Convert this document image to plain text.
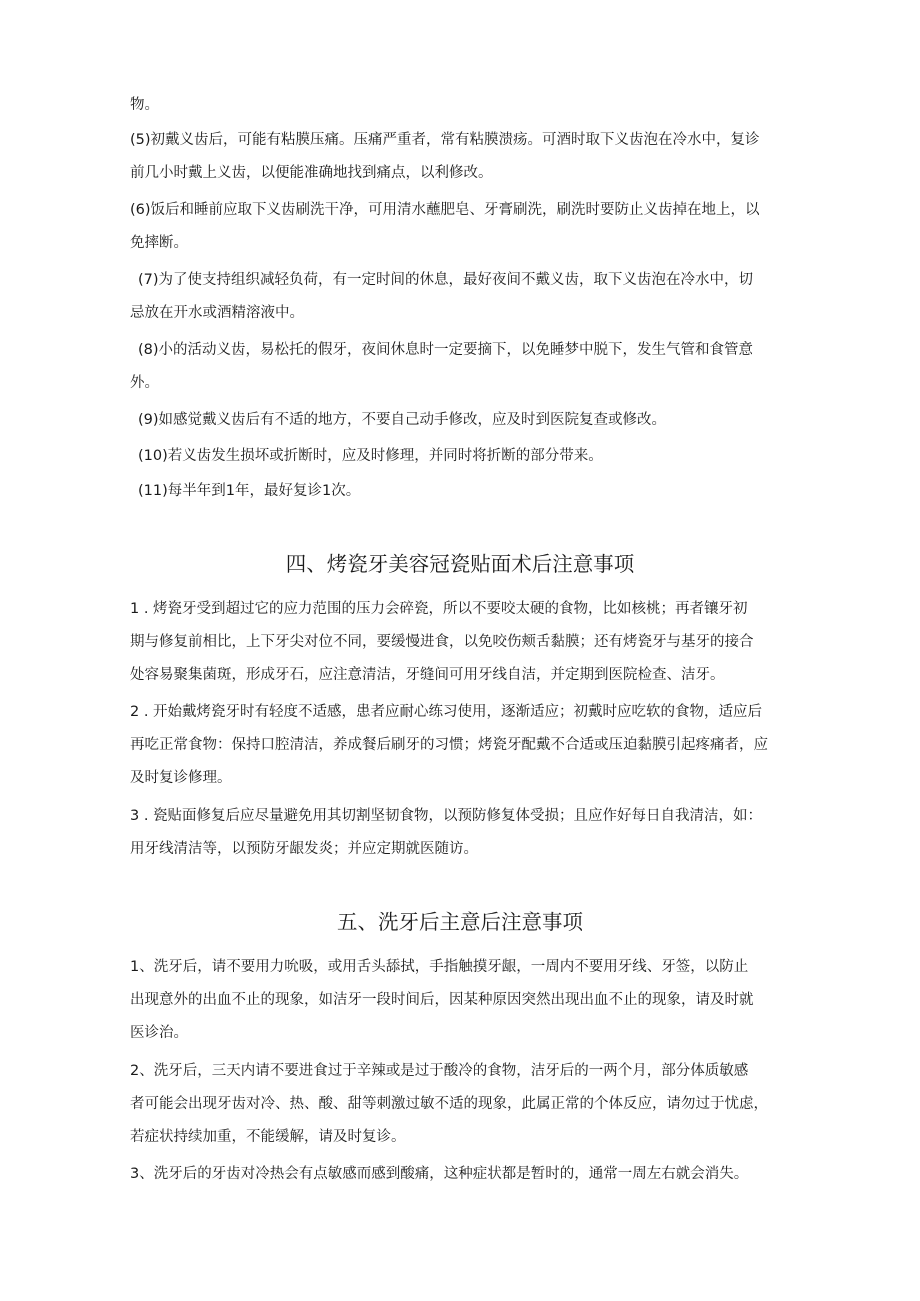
物。
(5)初戴义齿后，可能有粘膜压痛。压痛严重者，常有粘膜溃疡。可酒时取下义齿泡在冷水中，复诊
前几小时戴上义齿，以便能准确地找到痛点，以利修改。
(6)饭后和睡前应取下义齿刷洗干净，可用清水蘸肥皂、牙膏刷洗，刷洗时要防止义齿掉在地上，以
免摔断。
(7)为了使支持组织减轻负荷，有一定时间的休息，最好夜间不戴义齿，取下义齿泡在冷水中，切
忌放在开水或酒精溶液中。
(8)小的活动义齿，易松托的假牙，夜间休息时一定要摘下，以免睡梦中脱下，发生气管和食管意
外。
(9)如感觉戴义齿后有不适的地方，不要自己动手修改，应及时到医院复查或修改。
(10)若义齿发生损坏或折断时，应及时修理，并同时将折断的部分带来。
(11)每半年到1年，最好复诊1次。
四、烤瓷牙美容冠瓷贴面术后注意事项
1 . 烤瓷牙受到超过它的应力范围的压力会碎瓷，所以不要咬太硬的食物，比如核桃；再者镶牙初
期与修复前相比，上下牙尖对位不同，要缓慢进食，以免咬伤颊舌黏膜；还有烤瓷牙与基牙的接合
处容易聚集菌斑，形成牙石，应注意清洁，牙缝间可用牙线自洁，并定期到医院检查、洁牙。
2 . 开始戴烤瓷牙时有轻度不适感，患者应耐心练习使用，逐渐适应；初戴时应吃软的食物，适应后
再吃正常食物：保持口腔清洁，养成餐后刷牙的习惯；烤瓷牙配戴不合适或压迫黏膜引起疼痛者，应
及时复诊修理。
3 . 瓷贴面修复后应尽量避免用其切割坚韧食物，以预防修复体受损；且应作好每日自我清洁，如：
用牙线清洁等，以预防牙龈发炎；并应定期就医随访。
五、洗牙后主意后注意事项
1、洗牙后，请不要用力吮吸，或用舌头舔拭，手指触摸牙龈，一周内不要用牙线、牙签，以防止
出现意外的出血不止的现象，如洁牙一段时间后，因某种原因突然出现出血不止的现象，请及时就
医诊治。
2、洗牙后，三天内请不要进食过于辛辣或是过于酸冷的食物，洁牙后的一两个月，部分体质敏感
者可能会出现牙齿对冷、热、酸、甜等刺激过敏不适的现象，此属正常的个体反应，请勿过于忧虑，
若症状持续加重，不能缓解，请及时复诊。
3、洗牙后的牙齿对冷热会有点敏感而感到酸痛，这种症状都是暂时的，通常一周左右就会消失。
